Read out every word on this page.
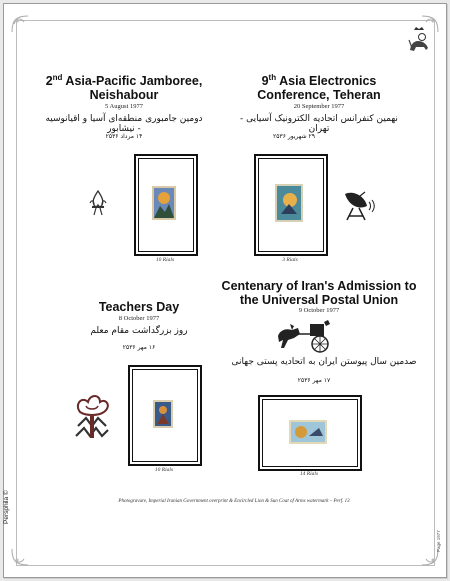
2nd Asia-Pacific Jamboree,
Neishabour
5 August 1977
دومین جامبوری منطقه‌ای آسیا و اقیانوسیه - نیشابور
۱۴ مرداد ۲۵۳۶
10 Rials
9th Asia Electronics
Conference, Teheran
20 September 1977
نهمین کنفرانس اتحادیه الکترونیک آسیایی - تهران
۲۹ شهریور ۲۵۳۶
3 Rials
Teachers Day
8 October 1977
روز بزرگداشت مقام معلم
۱۶ مهر ۲۵۳۶
10 Rials
Centenary of Iran's Admission to
the Universal Postal Union
9 October 1977
صدمین سال پیوستن ایران به اتحادیه پستی جهانی
۱۷ مهر ۲۵۳۶
14 Rials
Photogravure, Imperial Iranian Government overprint & Encircled Lion & Sun Coat of Arms watermark – Perf. 13
Persphila ©
Page 1977
